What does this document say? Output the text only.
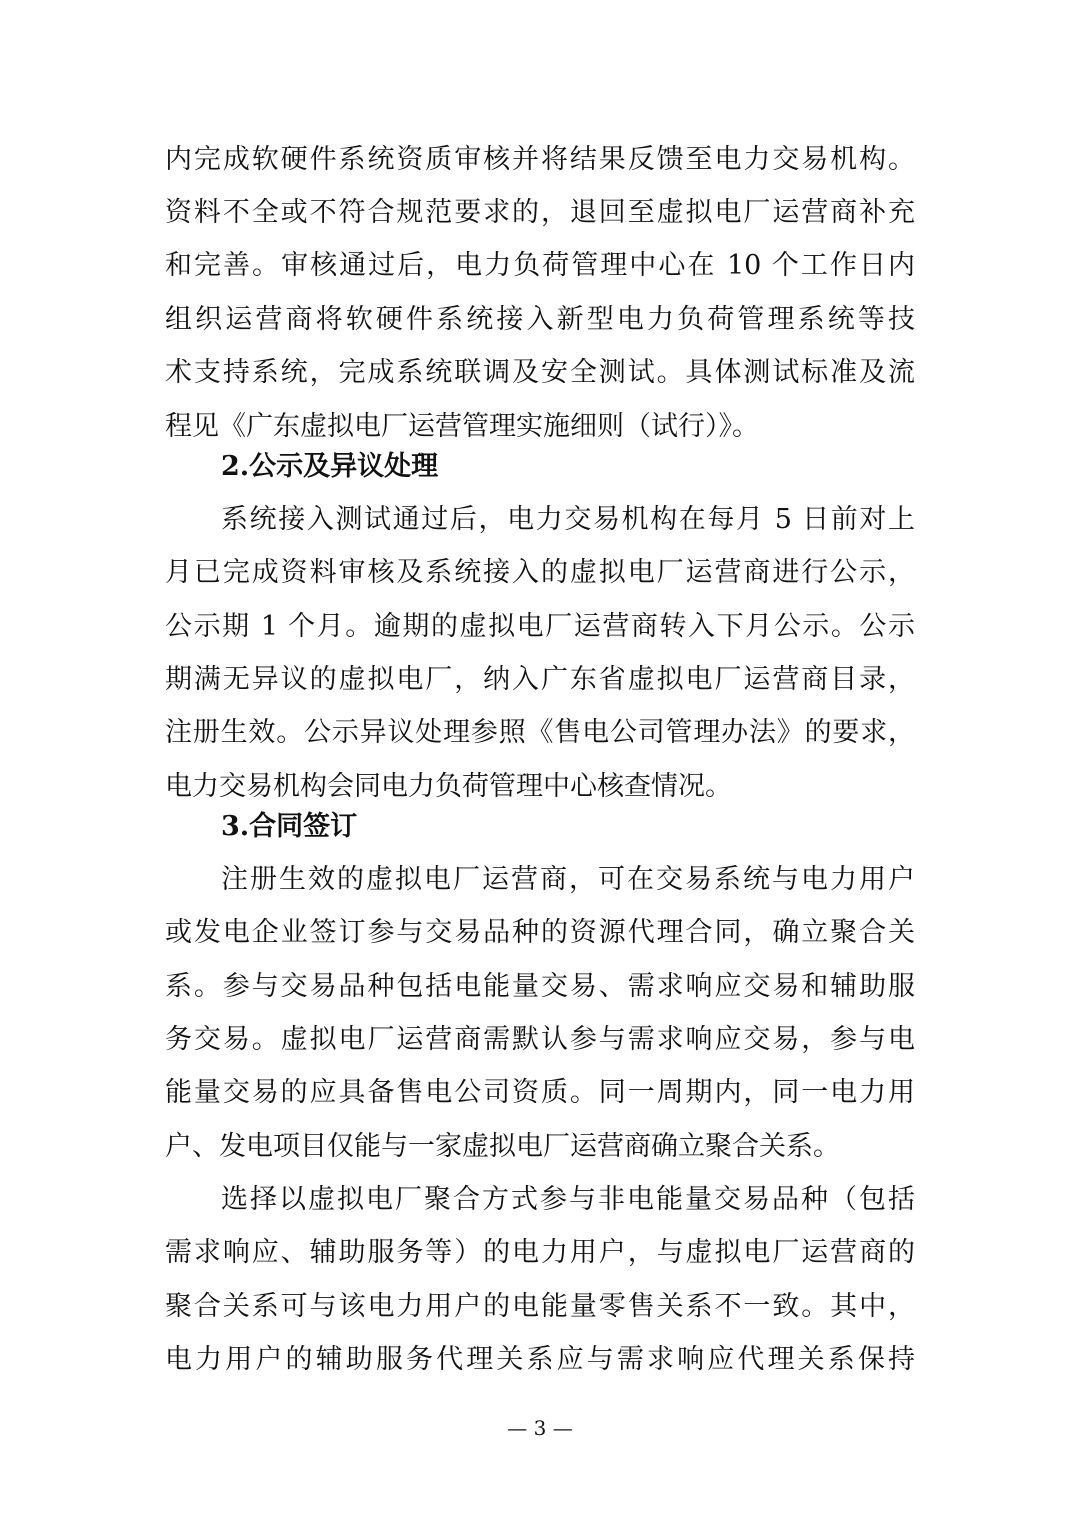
内完成软硬件系统资质审核并将结果反馈至电力交易机构。
资料不全或不符合规范要求的，退回至虚拟电厂运营商补充
和完善。审核通过后，电力负荷管理中心在 10 个工作日内
组织运营商将软硬件系统接入新型电力负荷管理系统等技
术支持系统，完成系统联调及安全测试。具体测试标准及流
程见《广东虚拟电厂运营管理实施细则（试行）》。
2.公示及异议处理
系统接入测试通过后，电力交易机构在每月 5 日前对上
月已完成资料审核及系统接入的虚拟电厂运营商进行公示，
公示期 1 个月。逾期的虚拟电厂运营商转入下月公示。公示
期满无异议的虚拟电厂，纳入广东省虚拟电厂运营商目录，
注册生效。公示异议处理参照《售电公司管理办法》的要求，
电力交易机构会同电力负荷管理中心核查情况。
3.合同签订
注册生效的虚拟电厂运营商，可在交易系统与电力用户
或发电企业签订参与交易品种的资源代理合同，确立聚合关
系。参与交易品种包括电能量交易、需求响应交易和辅助服
务交易。虚拟电厂运营商需默认参与需求响应交易，参与电
能量交易的应具备售电公司资质。同一周期内，同一电力用
户、发电项目仅能与一家虚拟电厂运营商确立聚合关系。
选择以虚拟电厂聚合方式参与非电能量交易品种（包括
需求响应、辅助服务等）的电力用户，与虚拟电厂运营商的
聚合关系可与该电力用户的电能量零售关系不一致。其中，
电力用户的辅助服务代理关系应与需求响应代理关系保持
— 3 —
